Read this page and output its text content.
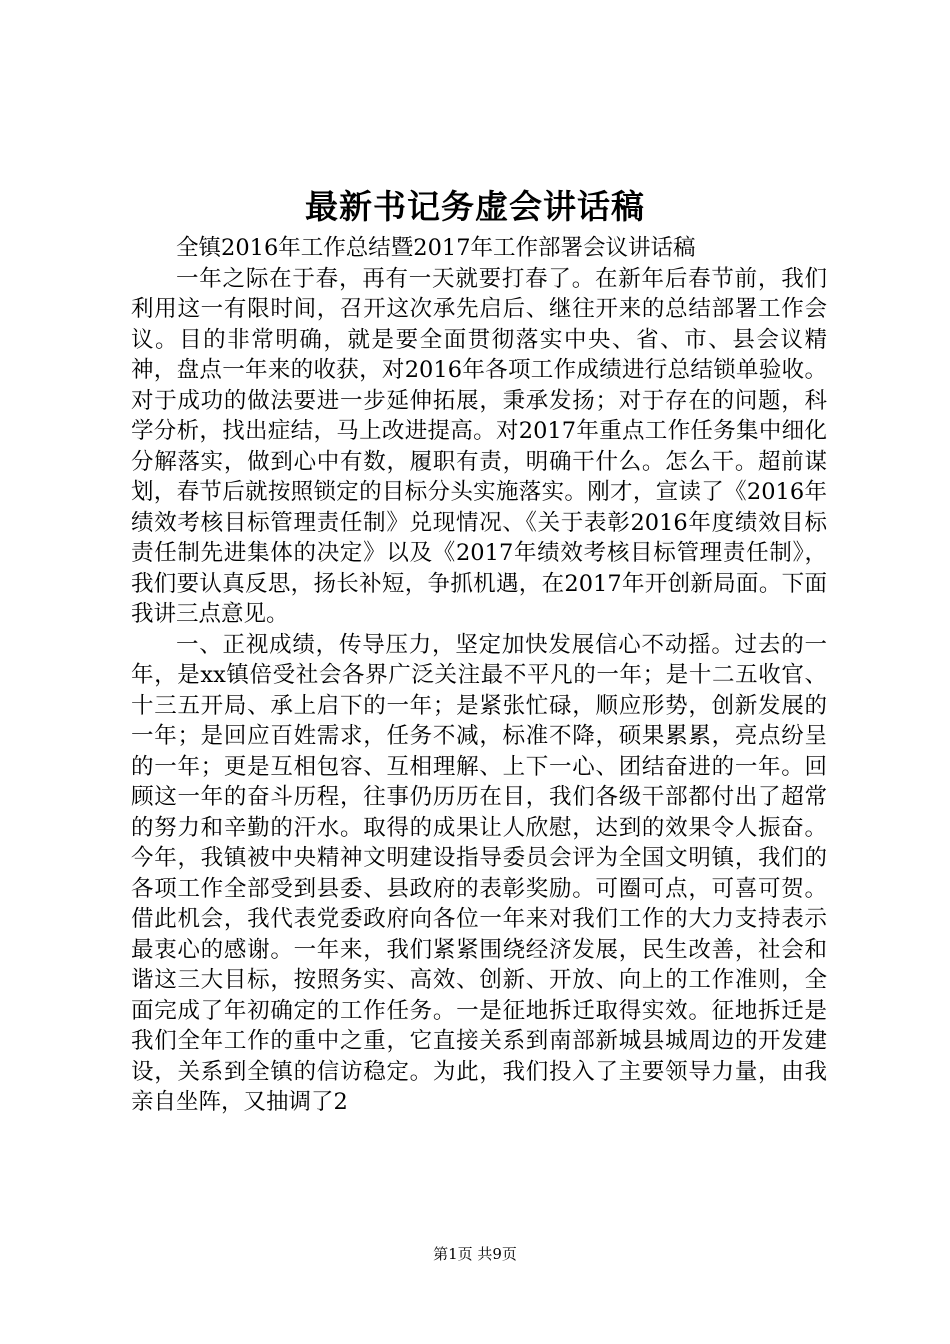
最新书记务虚会讲话稿

全镇2016年工作总结暨2017年工作部署会议讲话稿

一年之际在于春，再有一天就要打春了。在新年后春节前，我们利用这一有限时间，召开这次承先启后、继往开来的总结部署工作会议。目的非常明确，就是要全面贯彻落实中央、省、市、县会议精神，盘点一年来的收获，对2016年各项工作成绩进行总结锁单验收。对于成功的做法要进一步延伸拓展，秉承发扬；对于存在的问题，科学分析，找出症结，马上改进提高。对2017年重点工作任务集中细化分解落实，做到心中有数，履职有责，明确干什么。怎么干。超前谋划，春节后就按照锁定的目标分头实施落实。刚才，宣读了《2016年绩效考核目标管理责任制》兑现情况、《关于表彰2016年度绩效目标责任制先进集体的决定》以及《2017年绩效考核目标管理责任制》，我们要认真反思，扬长补短，争抓机遇，在2017年开创新局面。下面我讲三点意见。

一、正视成绩，传导压力，坚定加快发展信心不动摇。过去的一年，是xx镇倍受社会各界广泛关注最不平凡的一年；是十二五收官、十三五开局、承上启下的一年；是紧张忙碌，顺应形势，创新发展的一年；是回应百姓需求，任务不减，标准不降，硕果累累，亮点纷呈的一年；更是互相包容、互相理解、上下一心、团结奋进的一年。回顾这一年的奋斗历程，往事仍历历在目，我们各级干部都付出了超常的努力和辛勤的汗水。取得的成果让人欣慰，达到的效果令人振奋。今年，我镇被中央精神文明建设指导委员会评为全国文明镇，我们的各项工作全部受到县委、县政府的表彰奖励。可圈可点，可喜可贺。借此机会，我代表党委政府向各位一年来对我们工作的大力支持表示最衷心的感谢。一年来，我们紧紧围绕经济发展，民生改善，社会和谐这三大目标，按照务实、高效、创新、开放、向上的工作准则，全面完成了年初确定的工作任务。一是征地拆迁取得实效。征地拆迁是我们全年工作的重中之重，它直接关系到南部新城县城周边的开发建设，关系到全镇的信访稳定。为此，我们投入了主要领导力量，由我亲自坐阵，又抽调了2

第1页 共9页
